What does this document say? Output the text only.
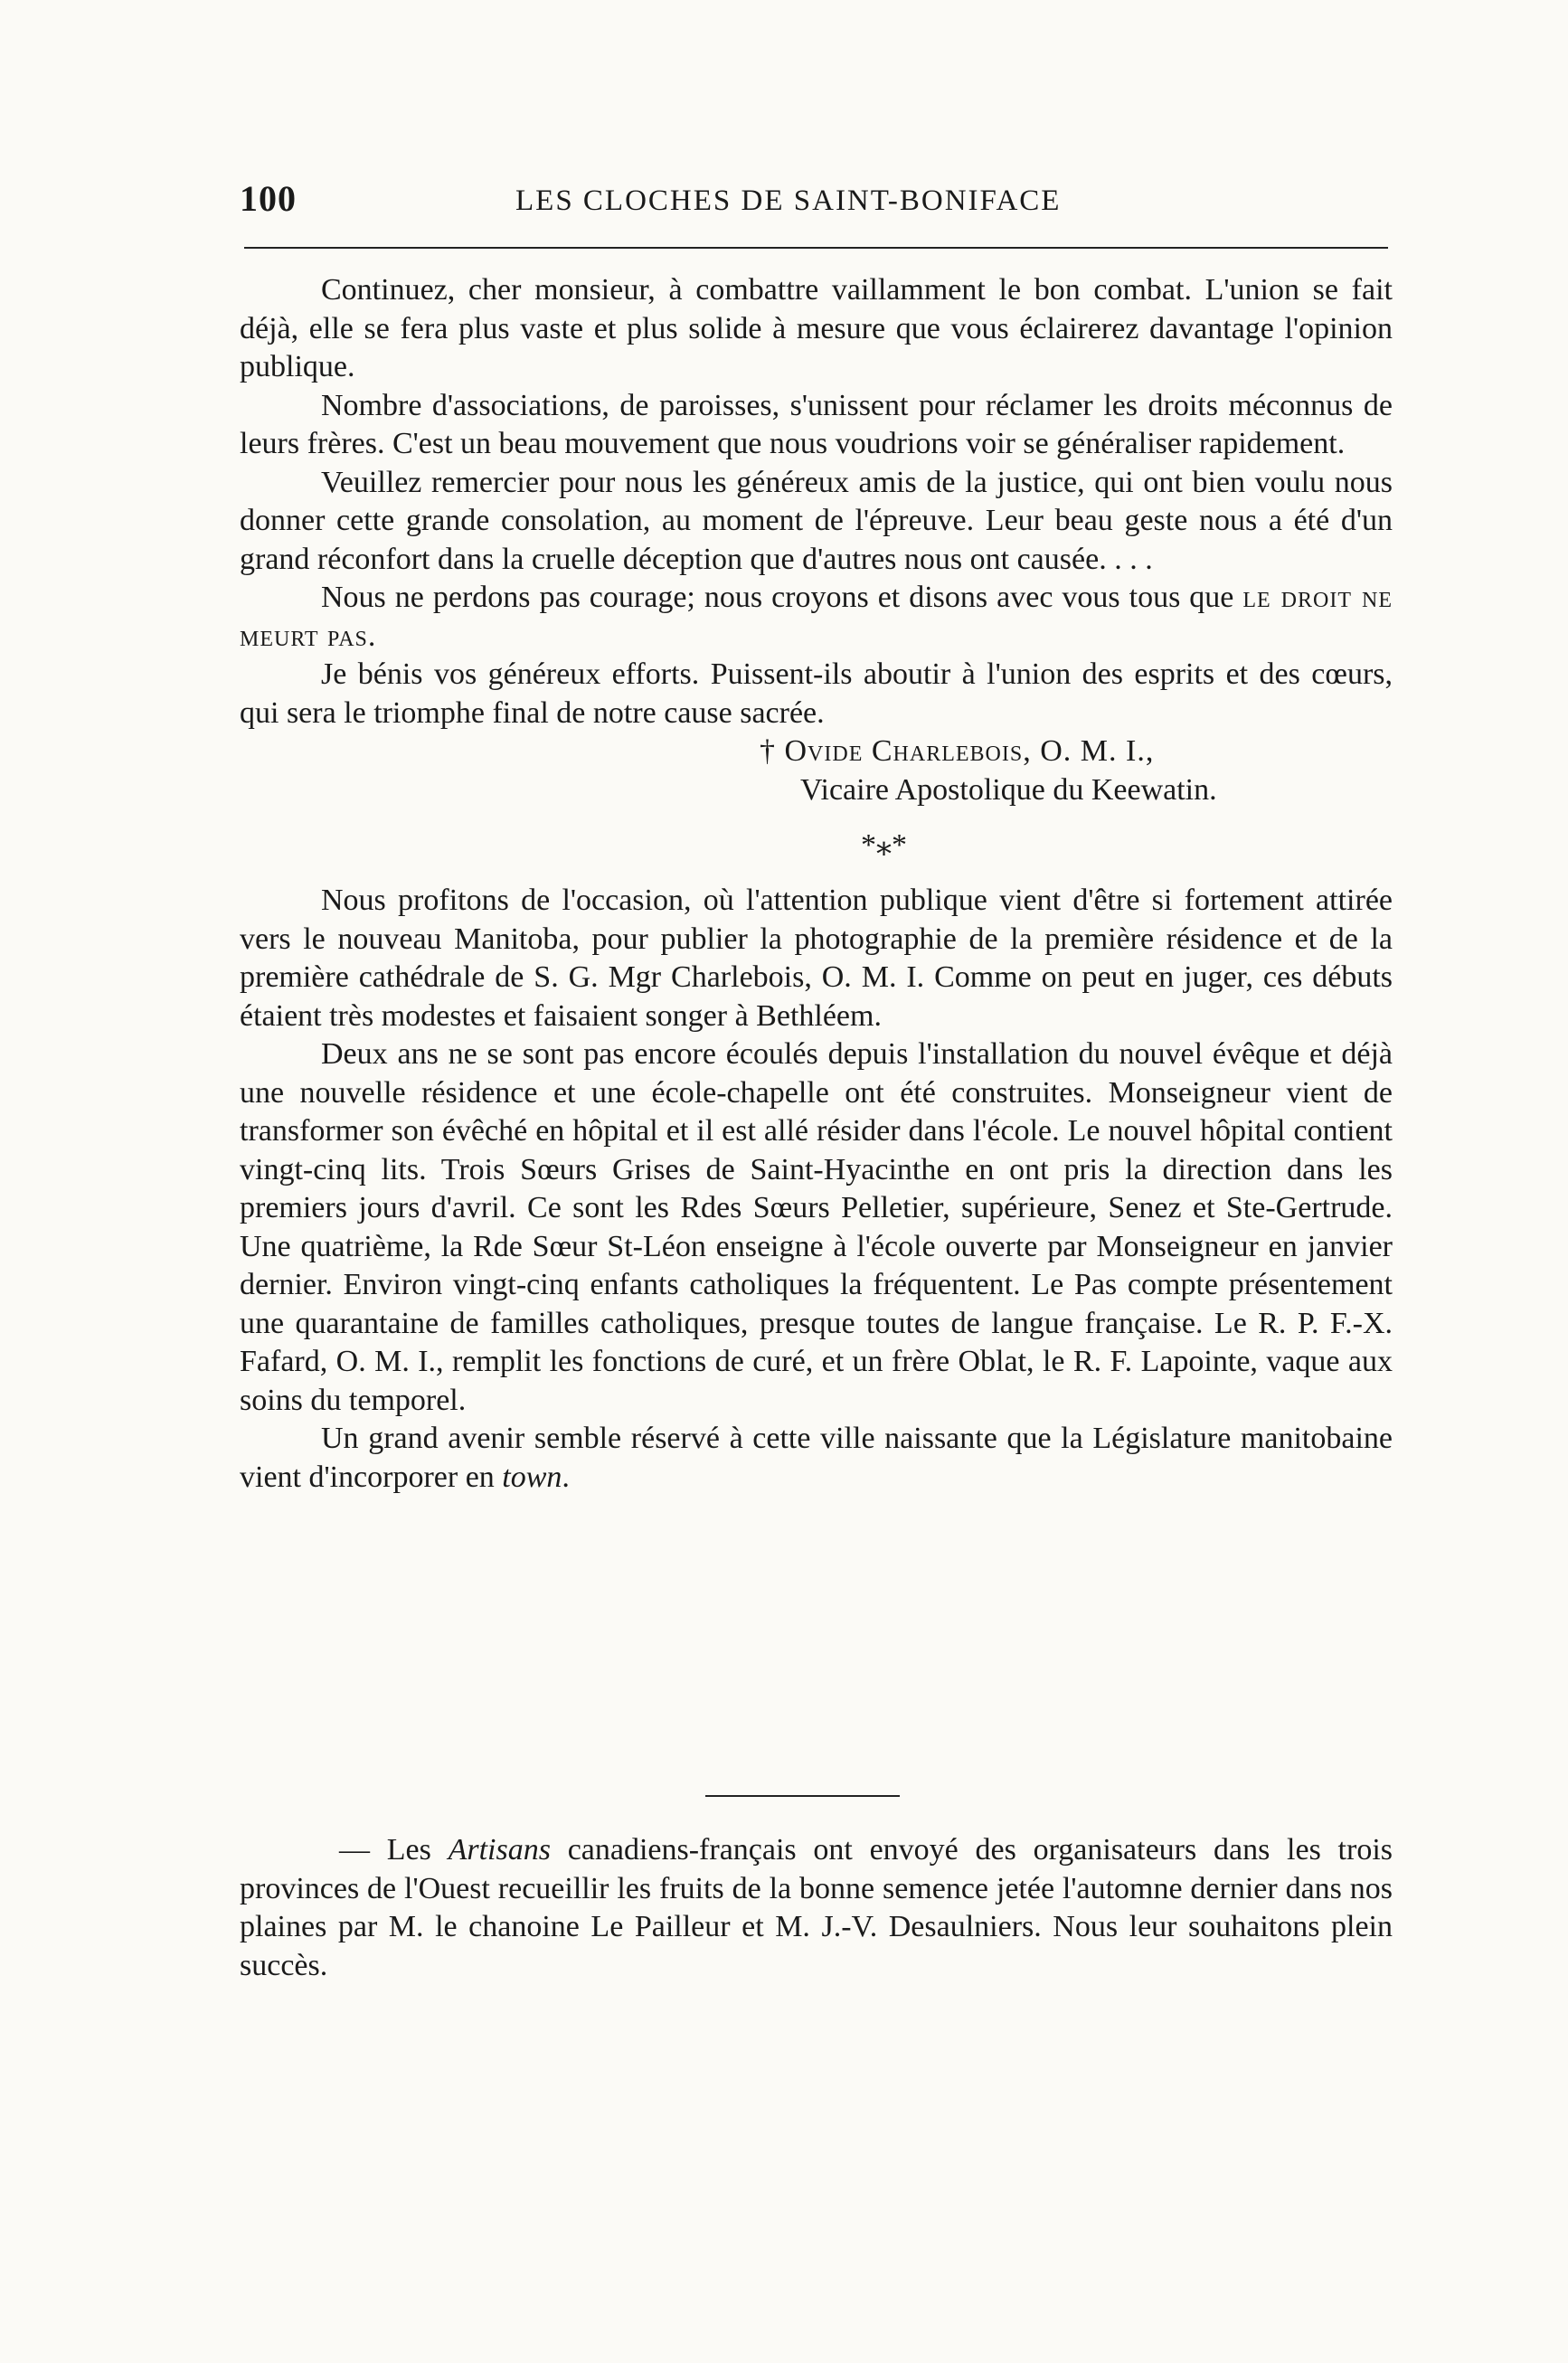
100	LES CLOCHES DE SAINT-BONIFACE

Continuez, cher monsieur, à combattre vaillamment le bon combat. L'union se fait déjà, elle se fera plus vaste et plus solide à mesure que vous éclairerez davantage l'opinion publique.

Nombre d'associations, de paroisses, s'unissent pour réclamer les droits méconnus de leurs frères. C'est un beau mouvement que nous voudrions voir se généraliser rapidement.

Veuillez remercier pour nous les généreux amis de la justice, qui ont bien voulu nous donner cette grande consolation, au moment de l'épreuve. Leur beau geste nous a été d'un grand réconfort dans la cruelle déception que d'autres nous ont causée. . . .

Nous ne perdons pas courage; nous croyons et disons avec vous tous que le droit ne meurt pas.

Je bénis vos généreux efforts. Puissent-ils aboutir à l'union des esprits et des cœurs, qui sera le triomphe final de notre cause sacrée.

† Ovide Charlebois, O. M. I.,

Vicaire Apostolique du Keewatin.

*⁎*

Nous profitons de l'occasion, où l'attention publique vient d'être si fortement attirée vers le nouveau Manitoba, pour publier la photographie de la première résidence et de la première cathédrale de S. G. Mgr Charlebois, O. M. I. Comme on peut en juger, ces débuts étaient très modestes et faisaient songer à Bethléem.

Deux ans ne se sont pas encore écoulés depuis l'installation du nouvel évêque et déjà une nouvelle résidence et une école-chapelle ont été construites. Monseigneur vient de transformer son évêché en hôpital et il est allé résider dans l'école. Le nouvel hôpital contient vingt-cinq lits. Trois Sœurs Grises de Saint-Hyacinthe en ont pris la direction dans les premiers jours d'avril. Ce sont les Rdes Sœurs Pelletier, supérieure, Senez et Ste-Gertrude. Une quatrième, la Rde Sœur St-Léon enseigne à l'école ouverte par Monseigneur en janvier dernier. Environ vingt-cinq enfants catholiques la fréquentent. Le Pas compte présentement une quarantaine de familles catholiques, presque toutes de langue française. Le R. P. F.-X. Fafard, O. M. I., remplit les fonctions de curé, et un frère Oblat, le R. F. Lapointe, vaque aux soins du temporel.

Un grand avenir semble réservé à cette ville naissante que la Législature manitobaine vient d'incorporer en town.

— Les Artisans canadiens-français ont envoyé des organisateurs dans les trois provinces de l'Ouest recueillir les fruits de la bonne semence jetée l'automne dernier dans nos plaines par M. le chanoine Le Pailleur et M. J.-V. Desaulniers. Nous leur souhaitons plein succès.
